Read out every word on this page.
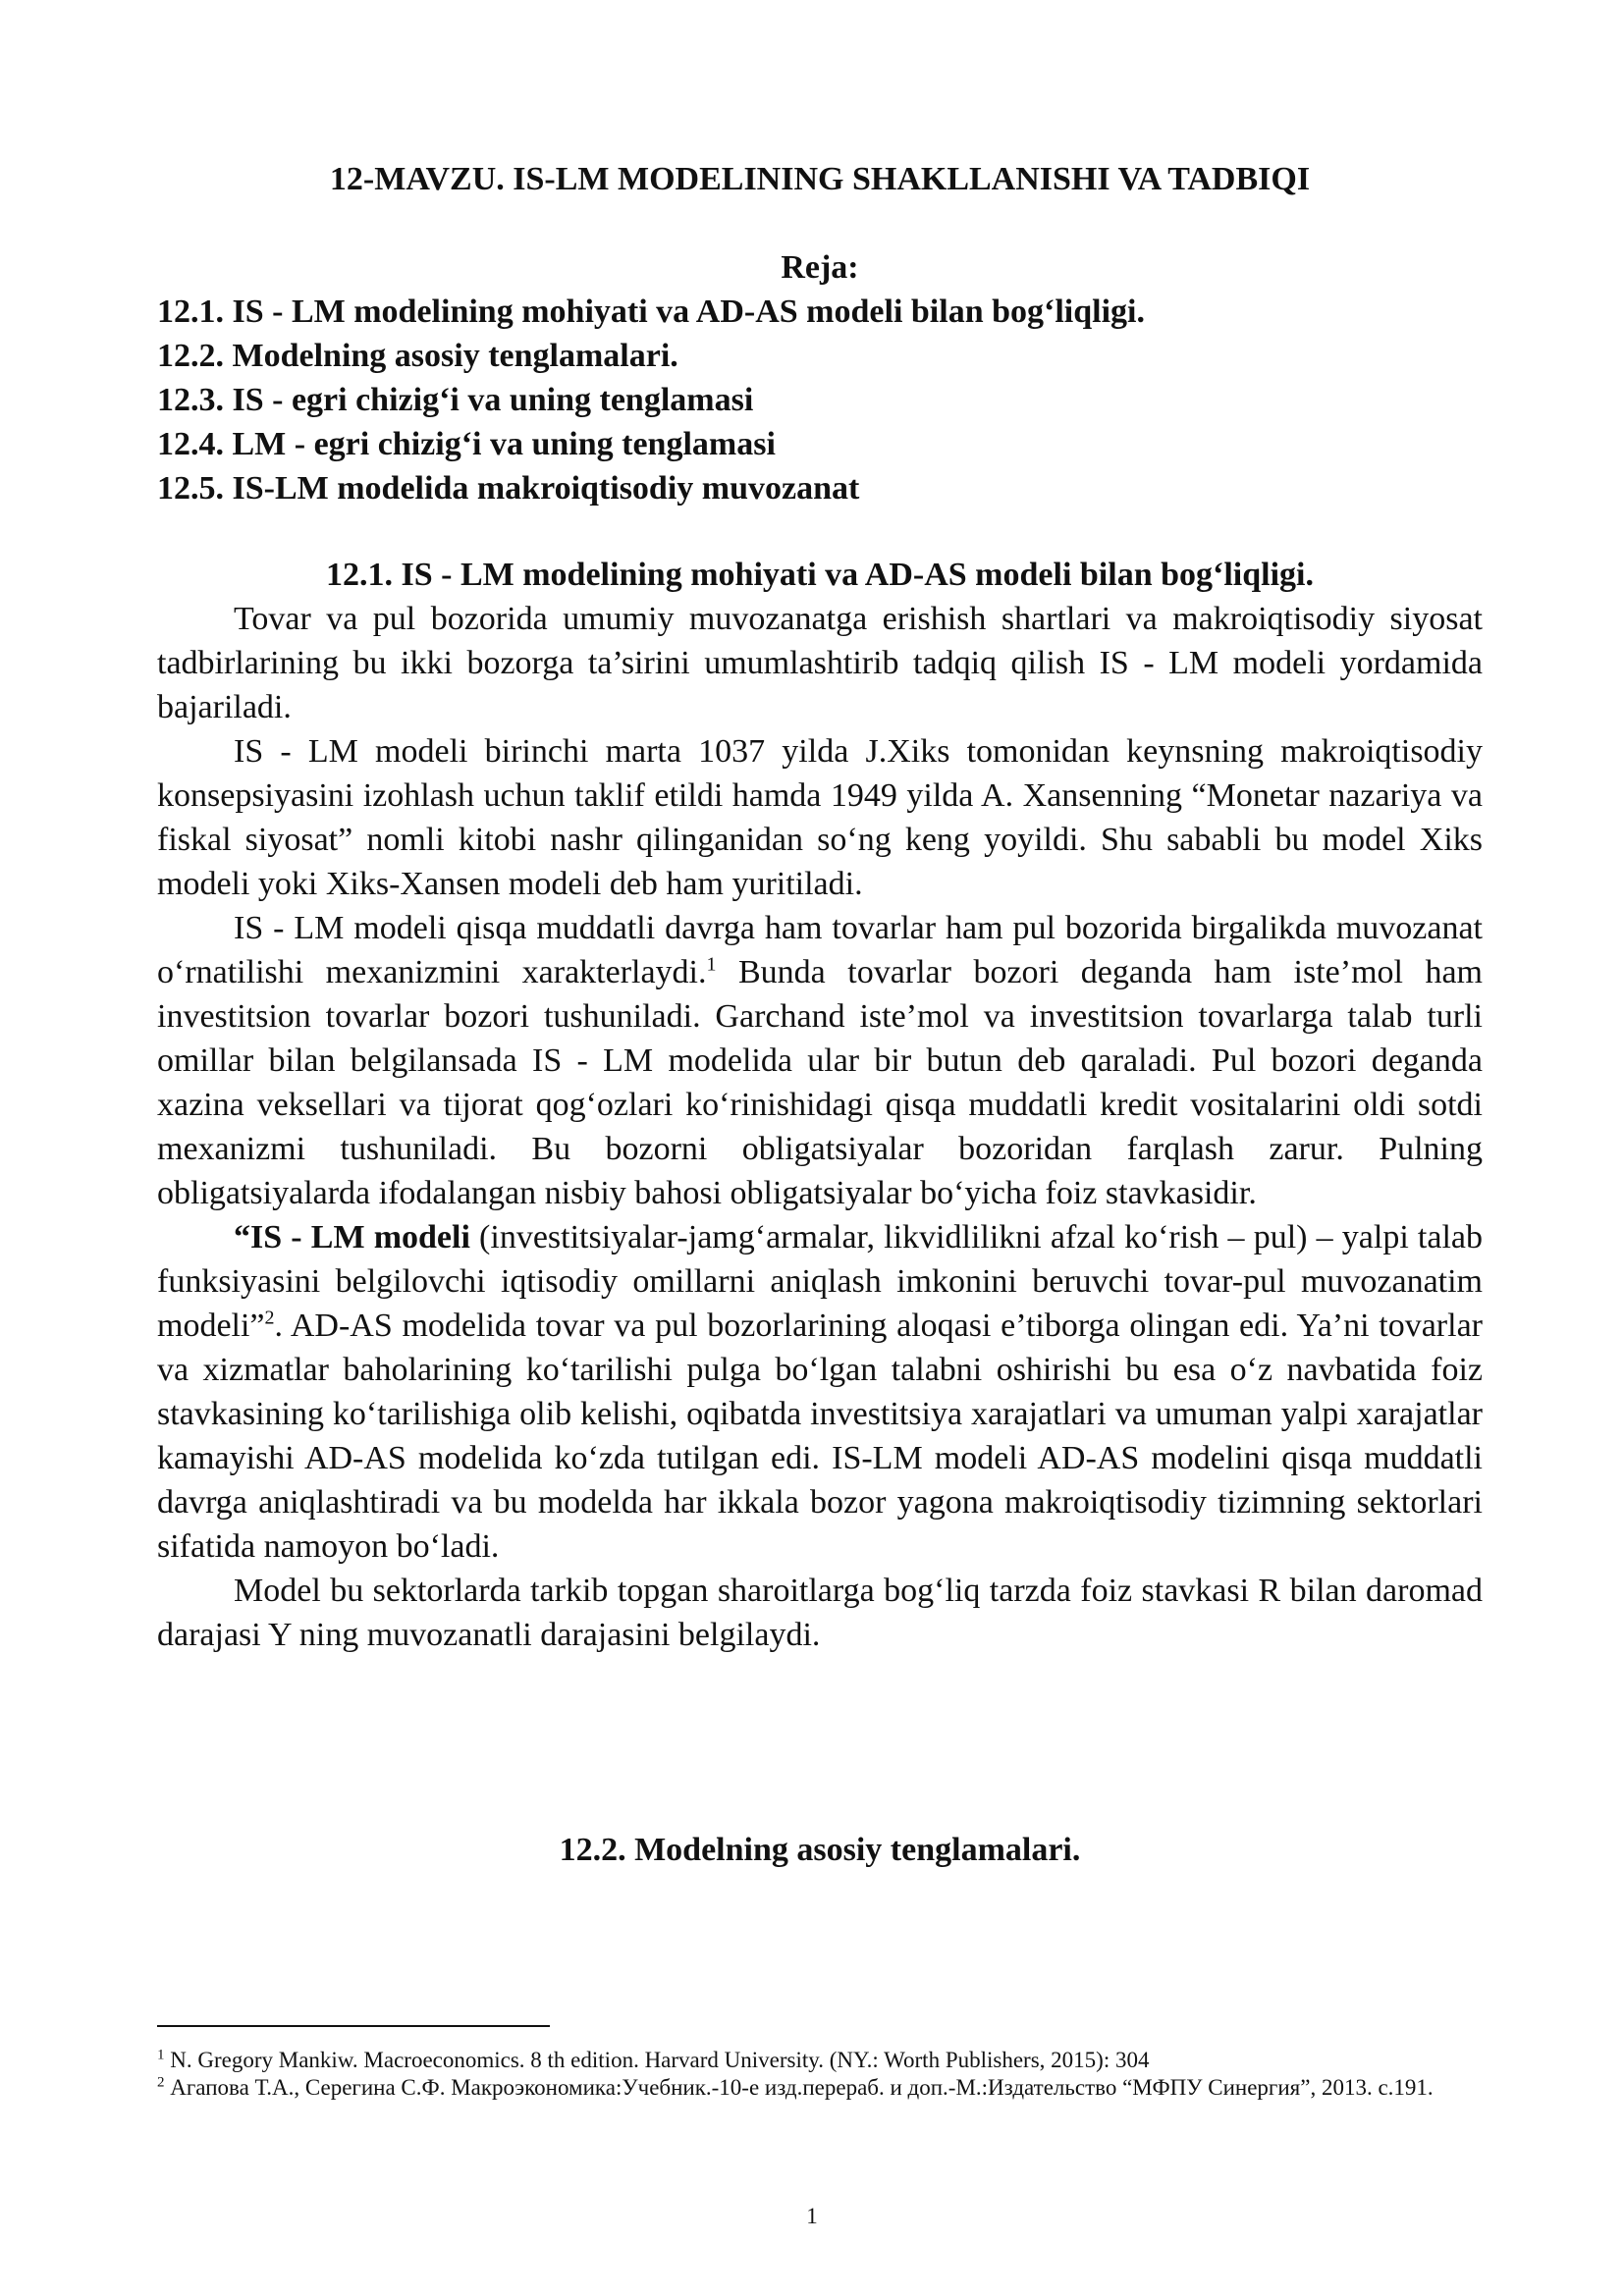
12-MAVZU. IS-LM MODELINING SHAKLLANISHI VA TADBIQI
Reja:
12.1. IS - LM modelining mohiyati va AD-AS modeli bilan bog‘liqligi.
12.2. Modelning asosiy tenglamalari.
12.3. IS - egri chizig‘i va uning tenglamasi
12.4. LM - egri chizig‘i va uning tenglamasi
12.5. IS-LM modelida makroiqtisodiy muvozanat
12.1. IS - LM modelining mohiyati va AD-AS modeli bilan bog‘liqligi.

Tovar va pul bozorida umumiy muvozanatga erishish shartlari va makroiqtisodiy siyosat tadbirlarining bu ikki bozorga ta’sirini umumlashtirib tadqiq qilish IS - LM modeli yordamida bajariladi.

IS - LM modeli birinchi marta 1037 yilda J.Xiks tomonidan keynsning makroiqtisodiy konsepsiyasini izohlash uchun taklif etildi hamda 1949 yilda A. Xansenning “Monetar nazariya va fiskal siyosat” nomli kitobi nashr qilinganidan so‘ng keng yoyildi. Shu sababli bu model Xiks modeli yoki Xiks-Xansen modeli deb ham yuritiladi.

IS - LM modeli qisqa muddatli davrga ham tovarlar ham pul bozorida birgalikda muvozanat o‘rnatilishi mexanizmini xarakterlaydi.$^1$ Bunda tovarlar bozori deganda ham iste’mol ham investitsion tovarlar bozori tushuniladi. Garchand iste’mol va investitsion tovarlarga talab turli omillar bilan belgilansada IS - LM modelida ular bir butun deb qaraladi. Pul bozori deganda xazina veksellari va tijorat qog‘ozlari ko‘rinishidagi qisqa muddatli kredit vositalarini oldi sotdi mexanizmi tushuniladi. Bu bozorni obligatsiyalar bozoridan farqlash zarur. Pulning obligatsiyalarda ifodalangan nisbiy bahosi obligatsiyalar bo‘yicha foiz stavkasidir.

“IS - LM modeli (investitsiyalar-jamg‘armalar, likvidlilikni afzal ko‘rish – pul) – yalpi talab funksiyasini belgilovchi iqtisodiy omillarni aniqlash imkonini beruvchi tovar-pul muvozanatim modeli”$^2$. AD-AS modelida tovar va pul bozorlarining aloqasi e’tiborga olingan edi. Ya’ni tovarlar va xizmatlar baholarining ko‘tarilishi pulga bo‘lgan talabni oshirishi bu esa o‘z navbatida foiz stavkasining ko‘tarilishiga olib kelishi, oqibatda investitsiya xarajatlari va umuman yalpi xarajatlar kamayishi AD-AS modelida ko‘zda tutilgan edi. IS-LM modeli AD-AS modelini qisqa muddatli davrga aniqlashtiradi va bu modelda har ikkala bozor yagona makroiqtisodiy tizimning sektorlari sifatida namoyon bo‘ladi.

Model bu sektorlarda tarkib topgan sharoitlarga bog‘liq tarzda foiz stavkasi R bilan daromad darajasi Y ning muvozanatli darajasini belgilaydi.

12.2. Modelning asosiy tenglamalari.

$^1$ N. Gregory Mankiw. Macroeconomics. 8 th edition. Harvard University. (NY.: Worth Publishers, 2015): 304

$^2$ Агапова Т.А., Серегина С.Ф. Макроэкономика:Учебник.-10-е изд.перераб. и доп.-М.:Издательство “МФПУ Синергия”, 2013. с.191.

1
